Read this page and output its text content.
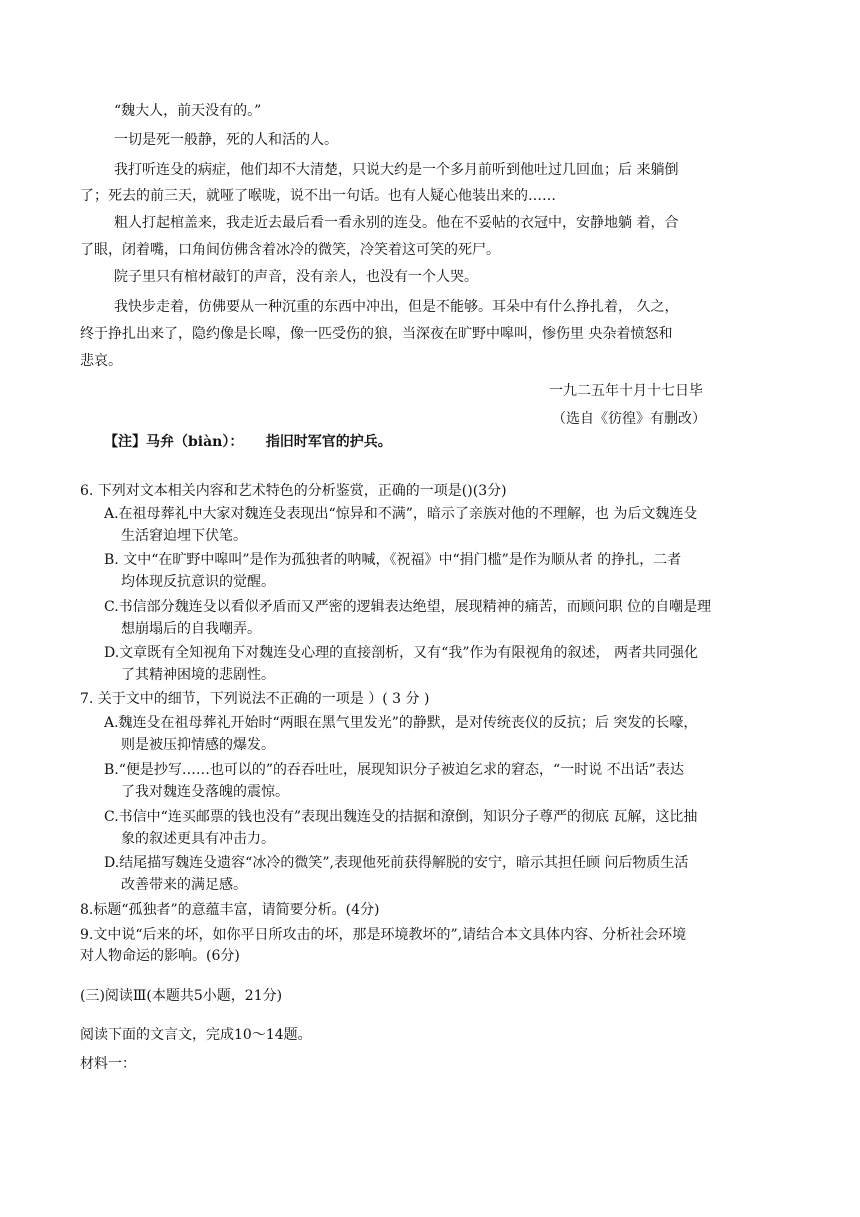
“魏大人，前天没有的。”
一切是死一般静，死的人和活的人。
我打听连殳的病症，他们却不大清楚，只说大约是一个多月前听到他吐过几回血；后 来躺倒
了；死去的前三天，就哑了喉咙，说不出一句话。也有人疑心他装出来的……
粗人打起棺盖来，我走近去最后看一看永别的连殳。他在不妥帖的衣冠中，安静地躺 着，合
了眼，闭着嘴，口角间仿佛含着冰冷的微笑，冷笑着这可笑的死尸。
院子里只有棺材敲钉的声音，没有亲人，也没有一个人哭。
我快步走着，仿佛要从一种沉重的东西中冲出，但是不能够。耳朵中有什么挣扎着， 久之，
终于挣扎出来了，隐约像是长嗥，像一匹受伤的狼，当深夜在旷野中嗥叫，惨伤里 央杂着愤怒和
悲哀。
一九二五年十月十七日毕
（选自《彷徨》有删改）
【注】马弁（biàn）： 指旧时军官的护兵。
6. 下列对文本相关内容和艺术特色的分析鉴赏，正确的一项是()(3分)
A.在祖母葬礼中大家对魏连殳表现出“惊异和不满”，暗示了亲族对他的不理解，也 为后文魏连殳
生活窘迫埋下伏笔。
B. 文中“在旷野中嗥叫”是作为孤独者的呐喊，《祝福》中“捐门槛”是作为顺从者 的挣扎，二者
均体现反抗意识的觉醒。
C.书信部分魏连殳以看似矛盾而又严密的逻辑表达绝望，展现精神的痛苦，而顾问职 位的自嘲是理
想崩塌后的自我嘲弄。
D.文章既有全知视角下对魏连殳心理的直接剖析，又有“我”作为有限视角的叙述， 两者共同强化
了其精神困境的悲剧性。
7. 关于文中的细节，下列说法不正确的一项是 ）( 3 分 )
A.魏连殳在祖母葬礼开始时“两眼在黑气里发光”的静默，是对传统丧仪的反抗；后 突发的长嚎，
则是被压抑情感的爆发。
B.“便是抄写……也可以的”的吞吞吐吐，展现知识分子被迫乞求的窘态，“一时说 不出话”表达
了我对魏连殳落魄的震惊。
C.书信中“连买邮票的钱也没有”表现出魏连殳的拮据和潦倒，知识分子尊严的彻底 瓦解，这比抽
象的叙述更具有冲击力。
D.结尾描写魏连殳遗容“冰冷的微笑”,表现他死前获得解脱的安宁，暗示其担任顾 问后物质生活
改善带来的满足感。
8.标题“孤独者”的意蕴丰富，请简要分析。(4分)
9.文中说“后来的坏，如你平日所攻击的坏，那是环境教坏的”,请结合本文具体内容、分析社会环境
对人物命运的影响。(6分)
(三)阅读Ⅲ(本题共5小题，21分)
阅读下面的文言文，完成10～14题。
材料一：
